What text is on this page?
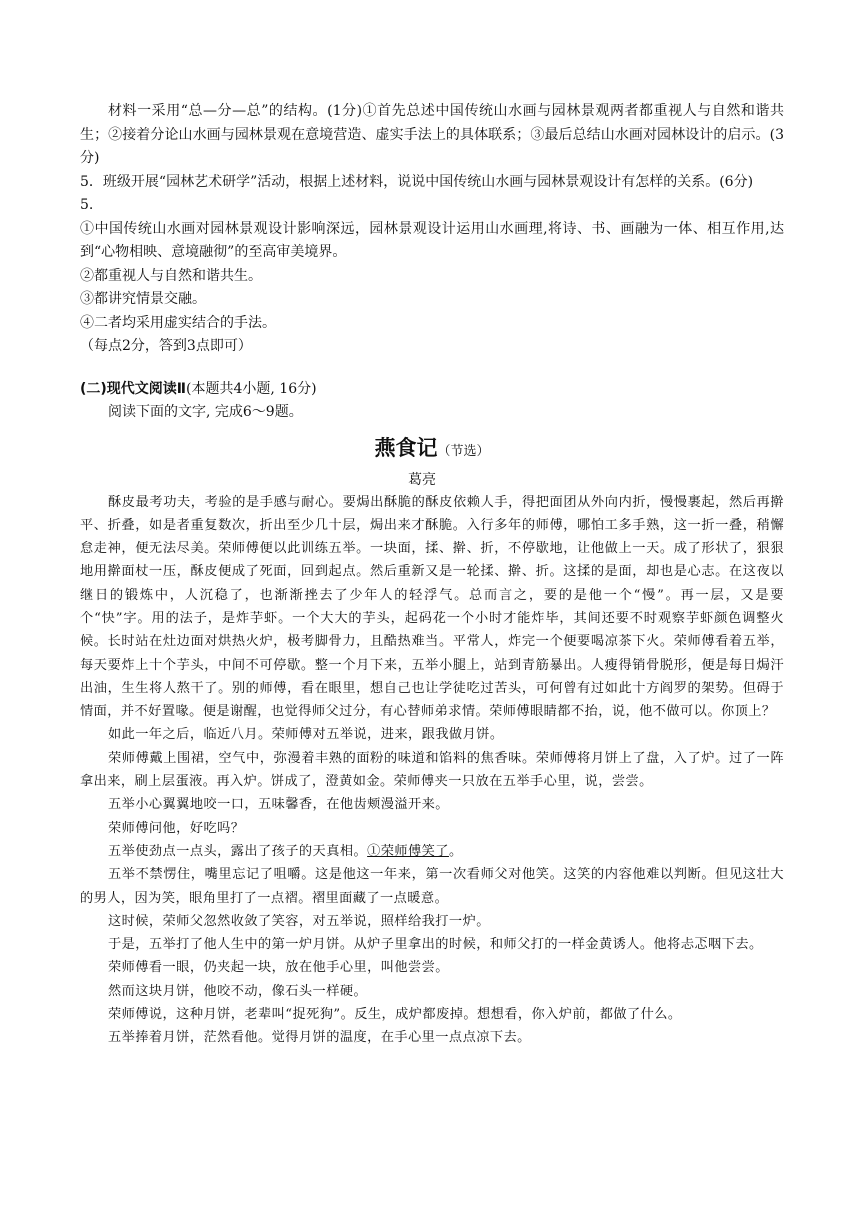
材料一采用“总—分—总”的结构。(1分)①首先总述中国传统山水画与园林景观两者都重视人与自然和谐共生；②接着分论山水画与园林景观在意境营造、虚实手法上的具体联系；③最后总结山水画对园林设计的启示。(3分)

5．班级开展“园林艺术研学”活动，根据上述材料，说说中国传统山水画与园林景观设计有怎样的关系。(6分)

5.

①中国传统山水画对园林景观设计影响深远，园林景观设计运用山水画理,将诗、书、画融为一体、相互作用,达到“心物相映、意境融彻”的至高审美境界。

②都重视人与自然和谐共生。

③都讲究情景交融。

④二者均采用虚实结合的手法。

（每点2分，答到3点即可）

(二)现代文阅读Ⅱ(本题共4小题, 16分)

阅读下面的文字, 完成6～9题。

燕食记（节选）
葛亮

酥皮最考功夫，考验的是手感与耐心。要焗出酥脆的酥皮依赖人手，得把面团从外向内折，慢慢裹起，然后再擀平、折叠，如是者重复数次，折出至少几十层，焗出来才酥脆。入行多年的师傅，哪怕工多手熟，这一折一叠，稍懈怠走神，便无法尽美。荣师傅便以此训练五举。一块面，揉、擀、折，不停歇地，让他做上一天。成了形状了，狠狠地用擀面杖一压，酥皮便成了死面，回到起点。然后重新又是一轮揉、擀、折。这揉的是面，却也是心志。在这夜以继日的锻炼中，人沉稳了，也渐渐挫去了少年人的轻浮气。总而言之，要的是他一个“慢”。再一层，又是要个“快”字。用的法子，是炸芋虾。一个大大的芋头，起码花一个小时才能炸毕，其间还要不时观察芋虾颜色调整火候。长时站在灶边面对烘热火炉，极考脚骨力，且酷热难当。平常人，炸完一个便要喝凉茶下火。荣师傅看着五举，每天要炸上十个芋头，中间不可停歇。整一个月下来，五举小腿上，站到青筋暴出。人瘦得销骨脱形，便是每日焗汗出油，生生将人熬干了。别的师傅，看在眼里，想自己也让学徒吃过苦头，可何曾有过如此十方阎罗的架势。但碍于情面，并不好置喙。便是谢醒，也觉得师父过分，有心替师弟求情。荣师傅眼睛都不抬，说，他不做可以。你顶上？

如此一年之后，临近八月。荣师傅对五举说，进来，跟我做月饼。

荣师傅戴上围裙，空气中，弥漫着丰熟的面粉的味道和馅料的焦香味。荣师傅将月饼上了盘，入了炉。过了一阵拿出来，刷上层蛋液。再入炉。饼成了，澄黄如金。荣师傅夹一只放在五举手心里，说，尝尝。

五举小心翼翼地咬一口，五味馨香，在他齿颊漫溢开来。

荣师傅问他，好吃吗？

五举使劲点一点头，露出了孩子的天真相。①荣师傅笑了。

五举不禁愣住，嘴里忘记了咀嚼。这是他这一年来，第一次看师父对他笑。这笑的内容他难以判断。但见这壮大的男人，因为笑，眼角里打了一点褶。褶里面藏了一点暖意。

这时候，荣师父忽然收敛了笑容，对五举说，照样给我打一炉。

于是，五举打了他人生中的第一炉月饼。从炉子里拿出的时候，和师父打的一样金黄诱人。他将忐忑咽下去。

荣师傅看一眼，仍夹起一块，放在他手心里，叫他尝尝。

然而这块月饼，他咬不动，像石头一样硬。

荣师傅说，这种月饼，老辈叫“捉死狗”。反生，成炉都废掉。想想看，你入炉前，都做了什么。

五举捧着月饼，茫然看他。觉得月饼的温度，在手心里一点点凉下去。
